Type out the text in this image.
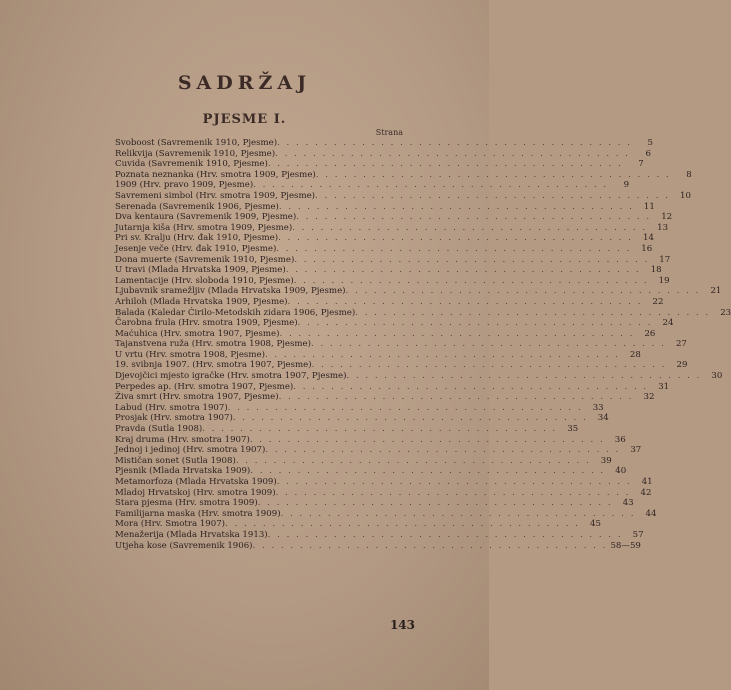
SADRŽAJ
PJESME I.
Strana
Svoboost (Savremenik 1910, Pjesme) . . .	5
Relikvija (Savremenik 1910, Pjesme) . . .	6
Cuvida (Savremenik 1910, Pjesme) . . .	7
Poznata neznanka (Hrv. smotra 1909, Pjesme) . . .	8
1909 (Hrv. pravo 1909, Pjesme) . . .	9
Savremeni simbol (Hrv. smotra 1909, Pjesme) . . .	10
Serenada (Savremenik 1906, Pjesme) . . .	11
Dva kentaura (Savremenik 1909, Pjesme) . . .	12
Jutarnja kiša (Hrv. smotra 1909, Pjesme) . . .	13
Pri sv. Kralju (Hrv. đak 1910, Pjesme) . . .	14
Jesenje veče (Hrv. đak 1910, Pjesme) . . .	16
Dona muerte (Savremenik 1910, Pjesme) . . .	17
U travi (Mlada Hrvatska 1909, Pjesme) . . .	18
Lamentacije (Hrv. sloboda 1910, Pjesme) . . .	19
Ljubavnik sramežljiv (Mlada Hrvatska 1909, Pjesme) . . .	21
Arhiloh (Mlada Hrvatska 1909, Pjesme) . . .	22
Balada (Kaledar Ćirilo-Metodskih zidara 1906, Pjesme) . . .	23
Čarobna frula (Hrv. smotra 1909, Pjesme) . . .	24
Maćuhica (Hrv. smotra 1907, Pjesme) . . .	26
Tajanstvena ruža (Hrv. smotra 1908, Pjesme) . . .	27
U vrtu (Hrv. smotra 1908, Pjesme) . . .	28
19. svibnja 1907. (Hrv. smotra 1907, Pjesme) . . .	29
Djevojčici mjesto igračke (Hrv. smotra 1907, Pjesme) . . .	30
Perpedes ap. (Hrv. smotra 1907, Pjesme) . . .	31
Živa smrt (Hrv. smotra 1907, Pjesme) . . .	32
Labud (Hrv. smotra 1907) . . .	33
Prosjak (Hrv. smotra 1907) . . .	34
Pravda (Sutla 1908) . . .	35
Kraj druma (Hrv. smotra 1907) . . .	36
Jednoj i jedinoj (Hrv. smotra 1907) . . .	37
Mističan sonet (Sutla 1908) . . .	39
Pjesnik (Mlada Hrvatska 1909) . . .	40
Metamorfoza (Mlada Hrvatska 1909) . . .	41
Mladoj Hrvatskoj (Hrv. smotra 1909) . . .	42
Stara pjesma (Hrv. smotra 1909) . . .	43
Familijarna maska (Hrv. smotra 1909) . . .	44
Mora (Hrv. Smotra 1907) . . .	45
Menažerija (Mlada Hrvatska 1913) . . .	57
Utjeha kose (Savremenik 1906) . . .	58—59
143
